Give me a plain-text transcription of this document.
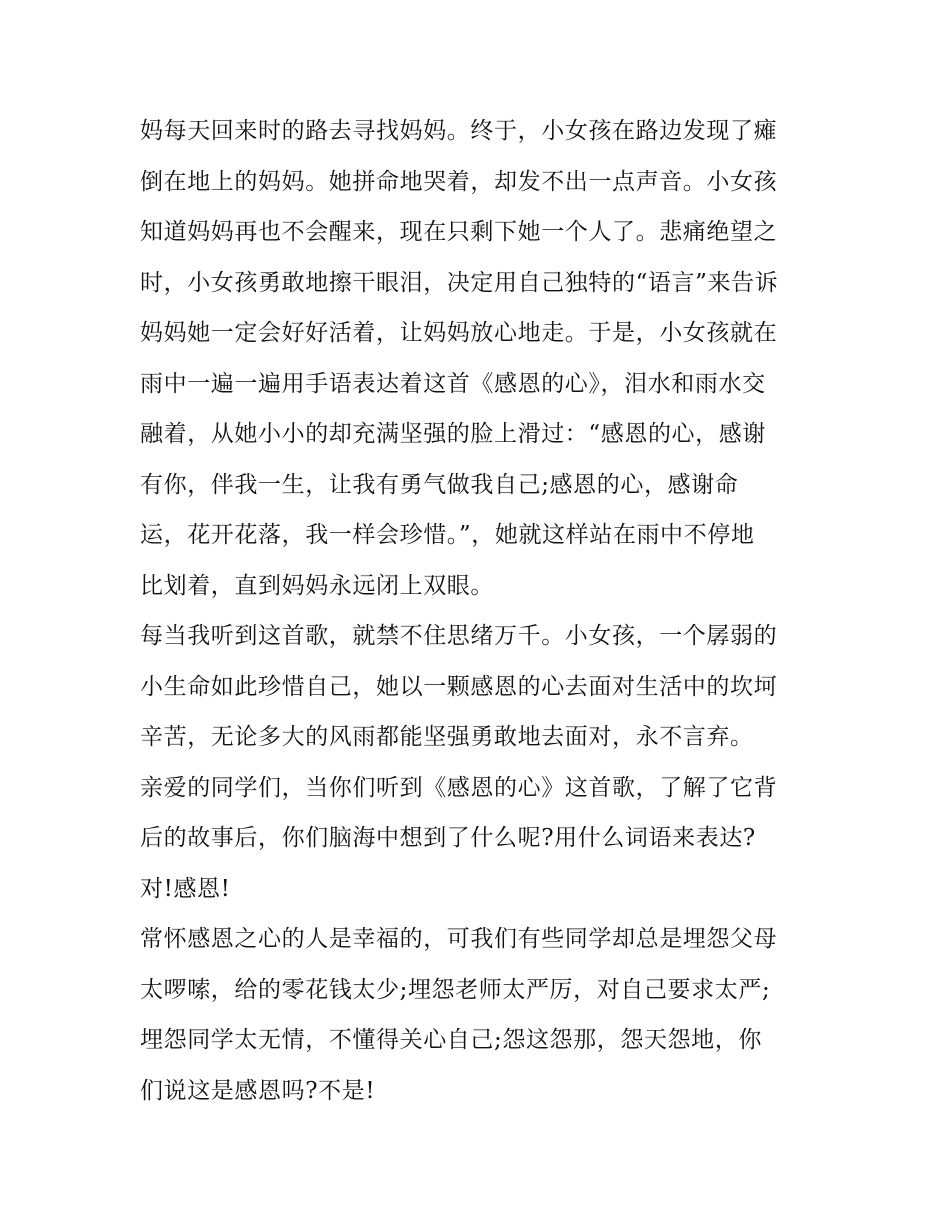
妈每天回来时的路去寻找妈妈。终于，小女孩在路边发现了瘫
倒在地上的妈妈。她拼命地哭着，却发不出一点声音。小女孩
知道妈妈再也不会醒来，现在只剩下她一个人了。悲痛绝望之
时，小女孩勇敢地擦干眼泪，决定用自己独特的“语言”来告诉
妈妈她一定会好好活着，让妈妈放心地走。于是，小女孩就在
雨中一遍一遍用手语表达着这首《感恩的心》，泪水和雨水交
融着，从她小小的却充满坚强的脸上滑过：“感恩的心，感谢
有你，伴我一生，让我有勇气做我自己;感恩的心，感谢命
运，花开花落，我一样会珍惜。”，她就这样站在雨中不停地
比划着，直到妈妈永远闭上双眼。
每当我听到这首歌，就禁不住思绪万千。小女孩，一个孱弱的
小生命如此珍惜自己，她以一颗感恩的心去面对生活中的坎坷
辛苦，无论多大的风雨都能坚强勇敢地去面对，永不言弃。
亲爱的同学们，当你们听到《感恩的心》这首歌，了解了它背
后的故事后，你们脑海中想到了什么呢?用什么词语来表达?
对!感恩!
常怀感恩之心的人是幸福的，可我们有些同学却总是埋怨父母
太啰嗦，给的零花钱太少;埋怨老师太严厉，对自己要求太严;
埋怨同学太无情，不懂得关心自己;怨这怨那，怨天怨地，你
们说这是感恩吗?不是!
